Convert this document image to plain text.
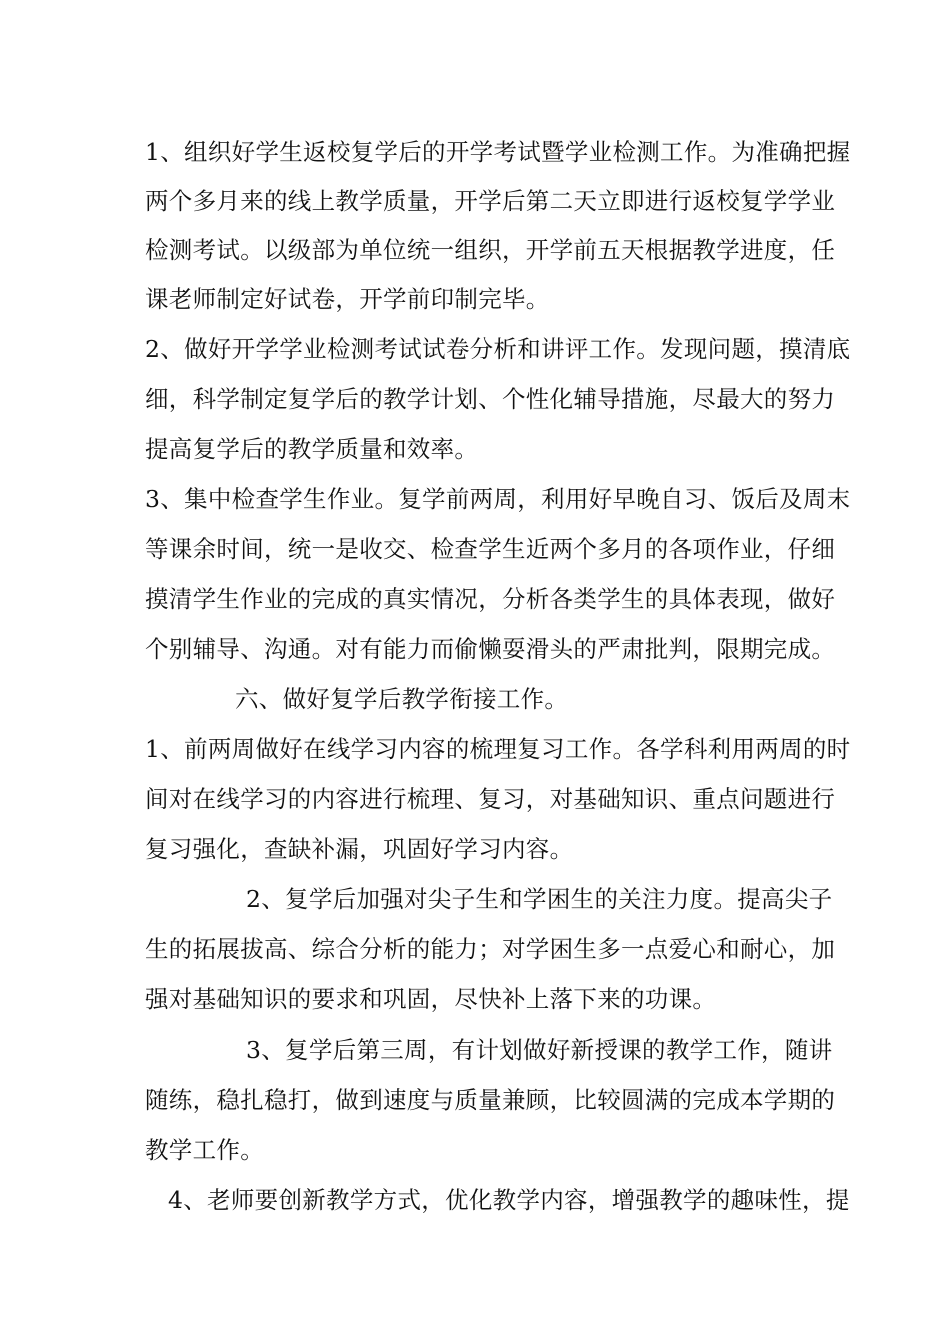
1、组织好学生返校复学后的开学考试暨学业检测工作。为准确把握
两个多月来的线上教学质量，开学后第二天立即进行返校复学学业
检测考试。以级部为单位统一组织，开学前五天根据教学进度，任
课老师制定好试卷，开学前印制完毕。
2、做好开学学业检测考试试卷分析和讲评工作。发现问题，摸清底
细，科学制定复学后的教学计划、个性化辅导措施，尽最大的努力
提高复学后的教学质量和效率。
3、集中检查学生作业。复学前两周，利用好早晚自习、饭后及周末
等课余时间，统一是收交、检查学生近两个多月的各项作业，仔细
摸清学生作业的完成的真实情况，分析各类学生的具体表现，做好
个别辅导、沟通。对有能力而偷懒耍滑头的严肃批判，限期完成。
六、做好复学后教学衔接工作。
1、前两周做好在线学习内容的梳理复习工作。各学科利用两周的时
间对在线学习的内容进行梳理、复习，对基础知识、重点问题进行
复习强化，查缺补漏，巩固好学习内容。
2、复学后加强对尖子生和学困生的关注力度。提高尖子
生的拓展拔高、综合分析的能力；对学困生多一点爱心和耐心，加
强对基础知识的要求和巩固，尽快补上落下来的功课。
3、复学后第三周，有计划做好新授课的教学工作，随讲
随练，稳扎稳打，做到速度与质量兼顾，比较圆满的完成本学期的
教学工作。
4、老师要创新教学方式，优化教学内容，增强教学的趣味性，提
